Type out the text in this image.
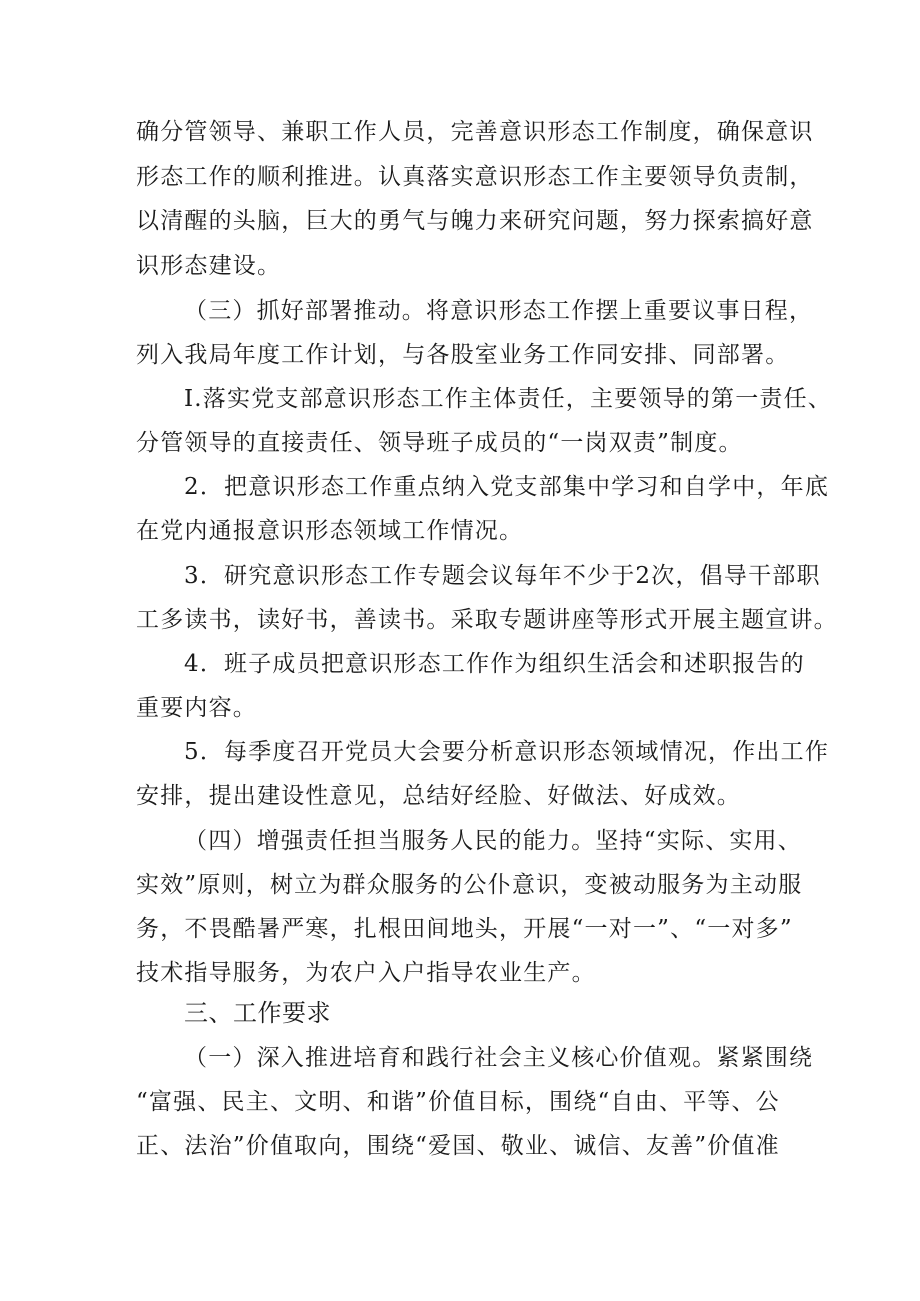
确分管领导、兼职工作人员，完善意识形态工作制度，确保意识
形态工作的顺利推进。认真落实意识形态工作主要领导负责制，
以清醒的头脑，巨大的勇气与魄力来研究问题，努力探索搞好意
识形态建设。
（三）抓好部署推动。将意识形态工作摆上重要议事日程，
列入我局年度工作计划，与各股室业务工作同安排、同部署。
I.落实党支部意识形态工作主体责任，主要领导的第一责任、
分管领导的直接责任、领导班子成员的“一岗双责”制度。
2．把意识形态工作重点纳入党支部集中学习和自学中，年底
在党内通报意识形态领域工作情况。
3．研究意识形态工作专题会议每年不少于2次，倡导干部职
工多读书，读好书，善读书。采取专题讲座等形式开展主题宣讲。
4．班子成员把意识形态工作作为组织生活会和述职报告的
重要内容。
5．每季度召开党员大会要分析意识形态领域情况，作出工作
安排，提出建设性意见，总结好经脸、好做法、好成效。
（四）增强责任担当服务人民的能力。坚持“实际、实用、
实效”原则，树立为群众服务的公仆意识，变被动服务为主动服
务，不畏酷暑严寒，扎根田间地头，开展“一对一”、“一对多”
技术指导服务，为农户入户指导农业生产。
三、工作要求
（一）深入推进培育和践行社会主义核心价值观。紧紧围绕
“富强、民主、文明、和谐”价值目标，围绕“自由、平等、公
正、法治”价值取向，围绕“爱国、敬业、诚信、友善”价值准
